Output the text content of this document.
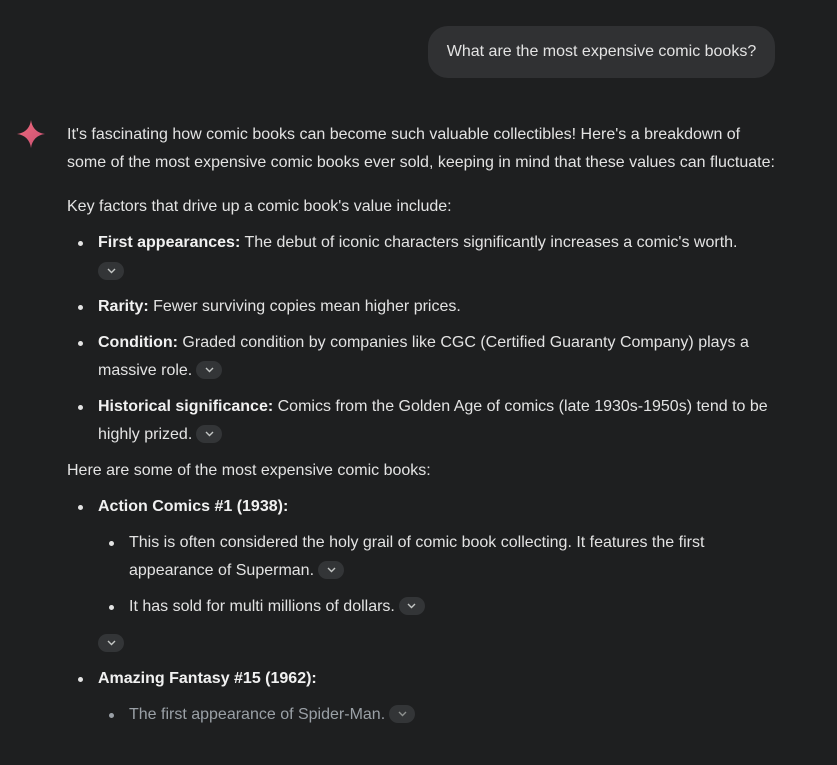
What are the most expensive comic books?

It's fascinating how comic books can become such valuable collectibles! Here's a breakdown of some of the most expensive comic books ever sold, keeping in mind that these values can fluctuate:

Key factors that drive up a comic book's value include:

First appearances: The debut of iconic characters significantly increases a comic's worth.
Rarity: Fewer surviving copies mean higher prices.
Condition: Graded condition by companies like CGC (Certified Guaranty Company) plays a massive role.
Historical significance: Comics from the Golden Age of comics (late 1930s-1950s) tend to be highly prized.

Here are some of the most expensive comic books:

Action Comics #1 (1938):
This is often considered the holy grail of comic book collecting. It features the first appearance of Superman.
It has sold for multi millions of dollars.
Amazing Fantasy #15 (1962):
The first appearance of Spider-Man.
